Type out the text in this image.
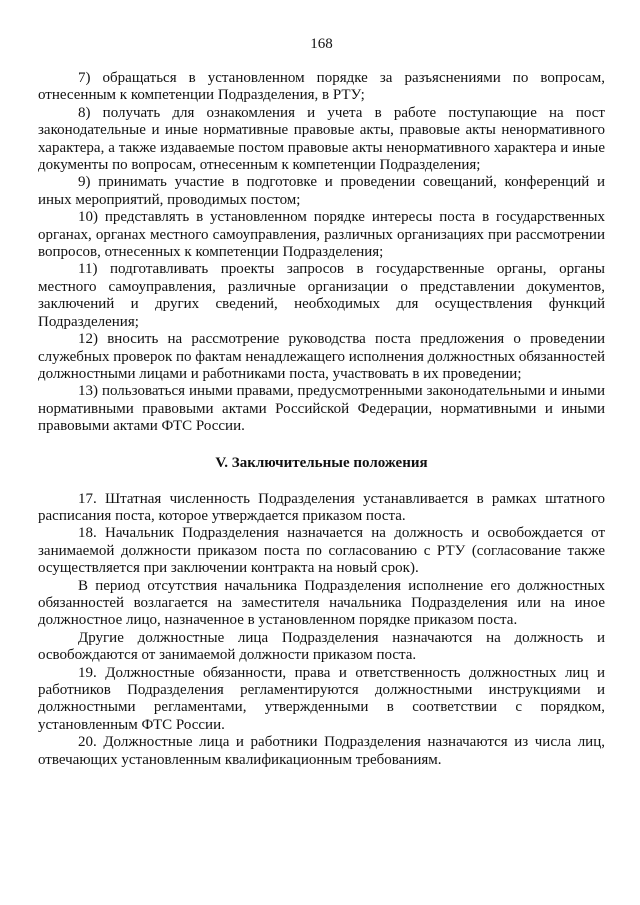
168

7) обращаться в установленном порядке за разъяснениями по вопросам, отнесенным к компетенции Подразделения, в РТУ;

8) получать для ознакомления и учета в работе поступающие на пост законодательные и иные нормативные правовые акты, правовые акты ненормативного характера, а также издаваемые постом правовые акты ненормативного характера и иные документы по вопросам, отнесенным к компетенции Подразделения;

9) принимать участие в подготовке и проведении совещаний, конференций и иных мероприятий, проводимых постом;

10) представлять в установленном порядке интересы поста в государственных органах, органах местного самоуправления, различных организациях при рассмотрении вопросов, отнесенных к компетенции Подразделения;

11) подготавливать проекты запросов в государственные органы, органы местного самоуправления, различные организации о представлении документов, заключений и других сведений, необходимых для осуществления функций Подразделения;

12) вносить на рассмотрение руководства поста предложения о проведении служебных проверок по фактам ненадлежащего исполнения должностных обязанностей должностными лицами и работниками поста, участвовать в их проведении;

13) пользоваться иными правами, предусмотренными законодательными и иными нормативными правовыми актами Российской Федерации, нормативными и иными правовыми актами ФТС России.

V. Заключительные положения

17. Штатная численность Подразделения устанавливается в рамках штатного расписания поста, которое утверждается приказом поста.

18. Начальник Подразделения назначается на должность и освобождается от занимаемой должности приказом поста по согласованию с РТУ (согласование также осуществляется при заключении контракта на новый срок).

В период отсутствия начальника Подразделения исполнение его должностных обязанностей возлагается на заместителя начальника Подразделения или на иное должностное лицо, назначенное в установленном порядке приказом поста.

Другие должностные лица Подразделения назначаются на должность и освобождаются от занимаемой должности приказом поста.

19. Должностные обязанности, права и ответственность должностных лиц и работников Подразделения регламентируются должностными инструкциями и должностными регламентами, утвержденными в соответствии с порядком, установленным ФТС России.

20. Должностные лица и работники Подразделения назначаются из числа лиц, отвечающих установленным квалификационным требованиям.
